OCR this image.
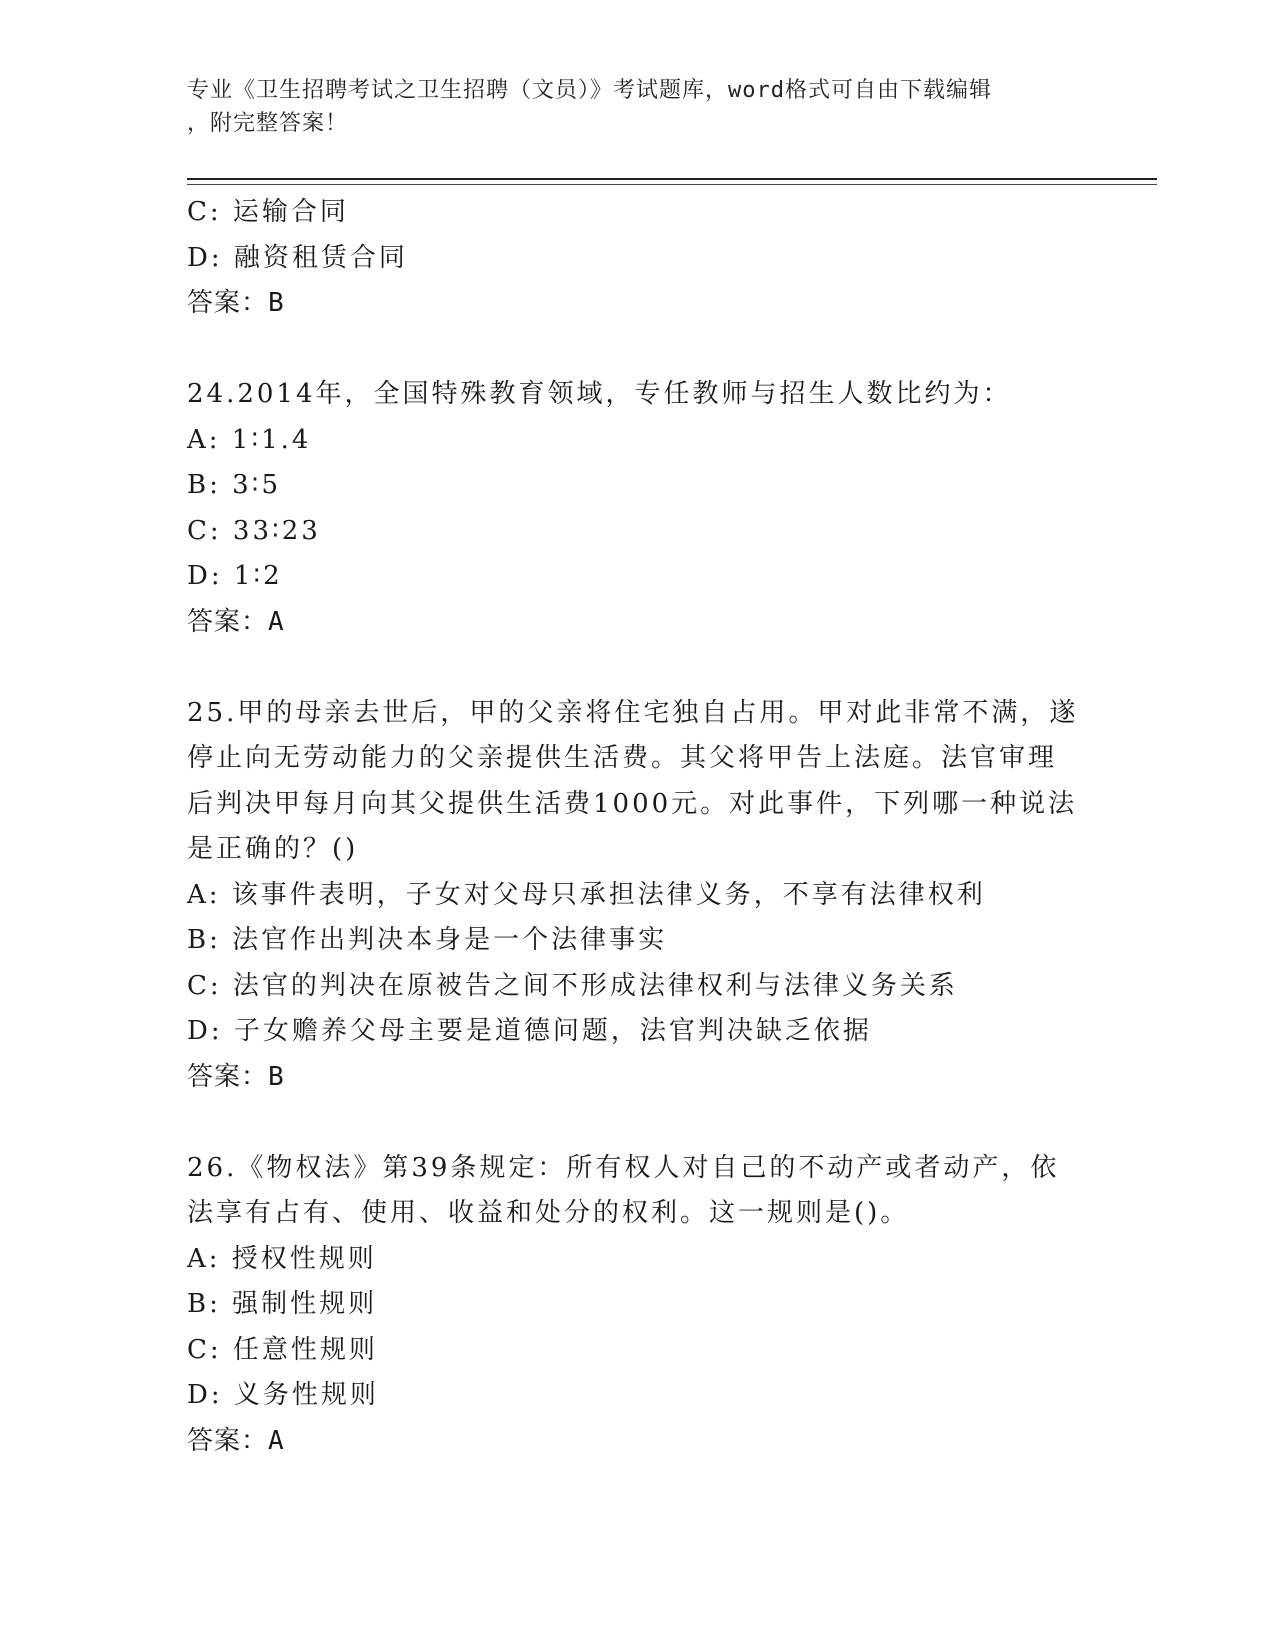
专业《卫生招聘考试之卫生招聘（文员）》考试题库，word格式可自由下载编辑
，附完整答案！
C: 运输合同
D: 融资租赁合同
答案：B
24.2014年，全国特殊教育领域，专任教师与招生人数比约为：
A: 1∶1.4
B: 3∶5
C: 33∶23
D: 1∶2
答案：A
25.甲的母亲去世后，甲的父亲将住宅独自占用。甲对此非常不满，遂
停止向无劳动能力的父亲提供生活费。其父将甲告上法庭。法官审理
后判决甲每月向其父提供生活费1000元。对此事件，下列哪一种说法
是正确的？()
A: 该事件表明，子女对父母只承担法律义务，不享有法律权利
B: 法官作出判决本身是一个法律事实
C: 法官的判决在原被告之间不形成法律权利与法律义务关系
D: 子女赡养父母主要是道德问题，法官判决缺乏依据
答案：B
26.《物权法》第39条规定：所有权人对自己的不动产或者动产，依
法享有占有、使用、收益和处分的权利。这一规则是()。
A: 授权性规则
B: 强制性规则
C: 任意性规则
D: 义务性规则
答案：A
